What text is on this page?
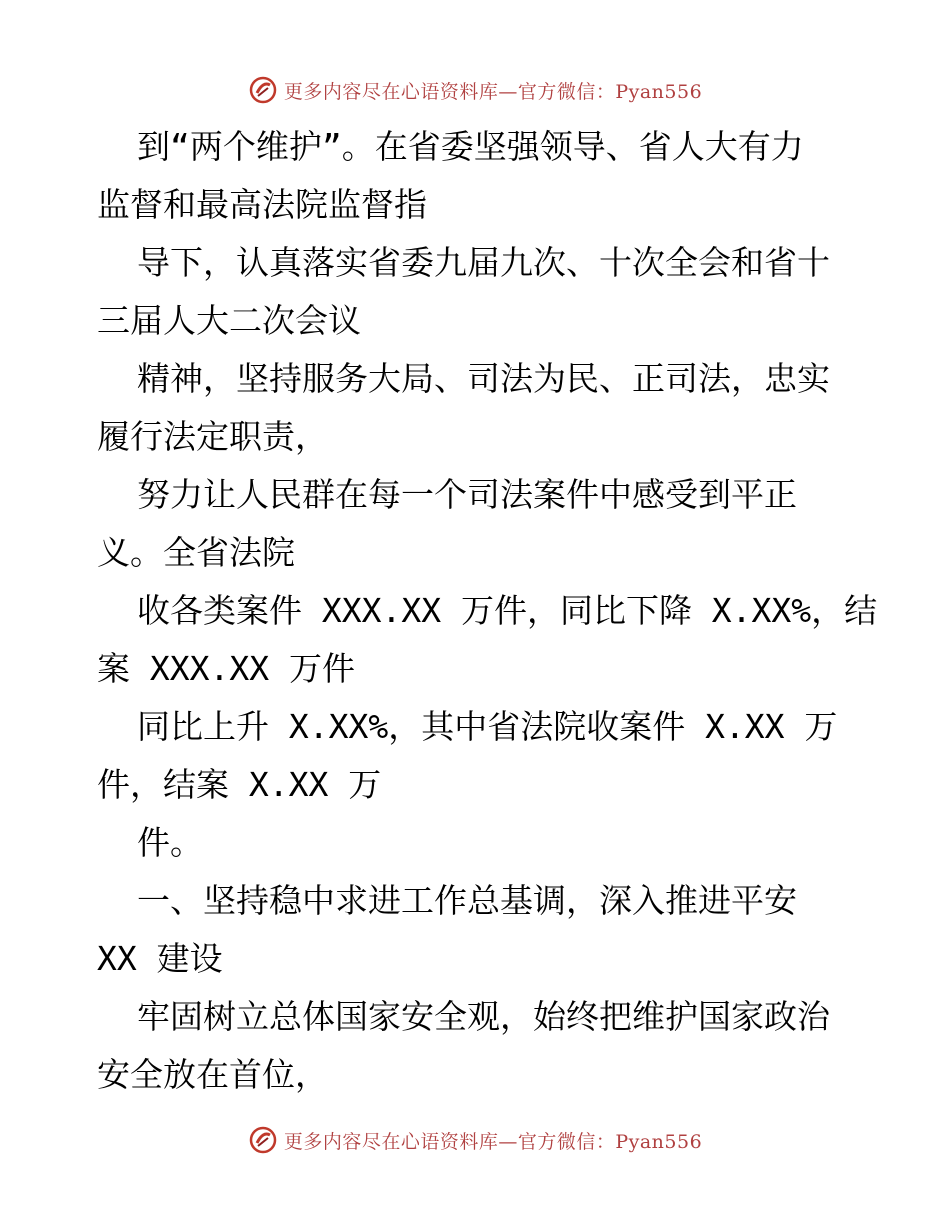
更多内容尽在心语资料库—官方微信：Pyan556
到“两个维护”。在省委坚强领导、省人大有力
监督和最高法院监督指
导下，认真落实省委九届九次、十次全会和省十
三届人大二次会议
精神，坚持服务大局、司法为民、正司法，忠实
履行法定职责，
努力让人民群在每一个司法案件中感受到平正
义。全省法院
收各类案件 XXX.XX 万件，同比下降 X.XX%，结
案 XXX.XX 万件
同比上升 X.XX%，其中省法院收案件 X.XX 万
件，结案 X.XX 万
件。
一、坚持稳中求进工作总基调，深入推进平安
XX 建设
牢固树立总体国家安全观，始终把维护国家政治
安全放在首位，
更多内容尽在心语资料库—官方微信：Pyan556
